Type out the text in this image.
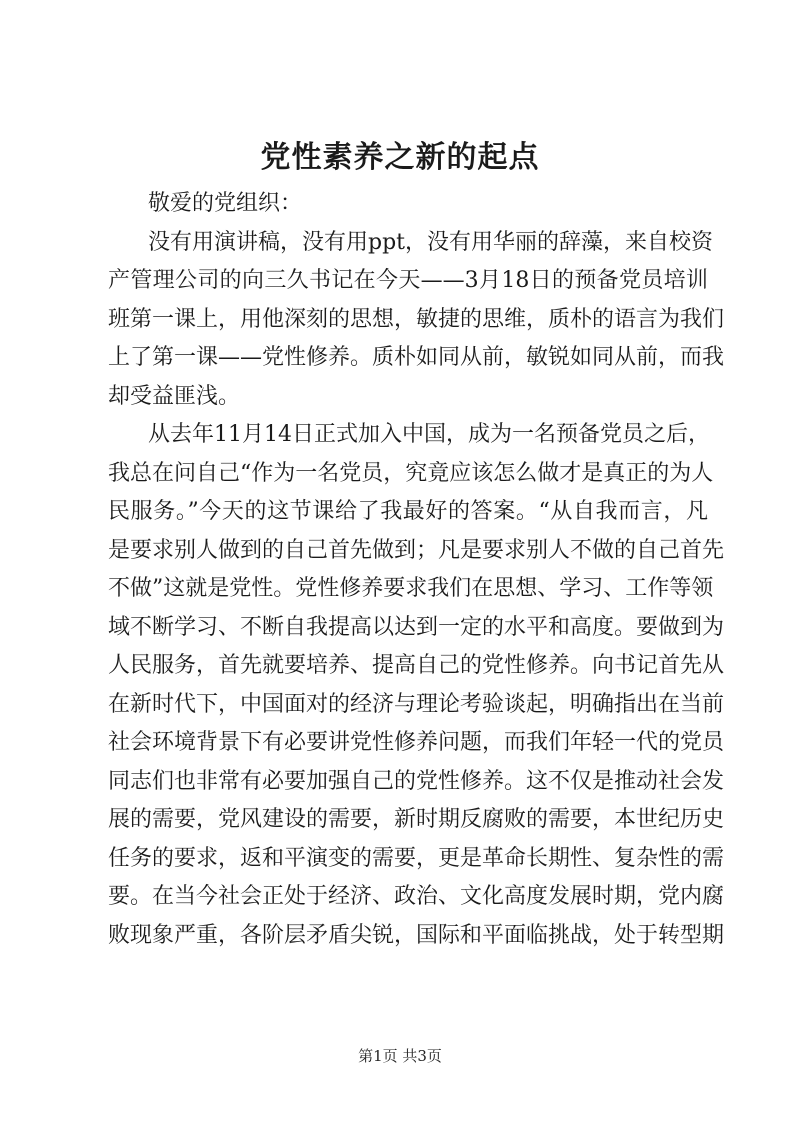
党性素养之新的起点
敬爱的党组织：
没有用演讲稿，没有用ppt，没有用华丽的辞藻，来自校资
产管理公司的向三久书记在今天——3月18日的预备党员培训
班第一课上，用他深刻的思想，敏捷的思维，质朴的语言为我们
上了第一课——党性修养。质朴如同从前，敏锐如同从前，而我
却受益匪浅。
从去年11月14日正式加入中国，成为一名预备党员之后，
我总在问自己“作为一名党员，究竟应该怎么做才是真正的为人
民服务。”今天的这节课给了我最好的答案。“从自我而言，凡
是要求别人做到的自己首先做到；凡是要求别人不做的自己首先
不做”这就是党性。党性修养要求我们在思想、学习、工作等领
域不断学习、不断自我提高以达到一定的水平和高度。要做到为
人民服务，首先就要培养、提高自己的党性修养。向书记首先从
在新时代下，中国面对的经济与理论考验谈起，明确指出在当前
社会环境背景下有必要讲党性修养问题，而我们年轻一代的党员
同志们也非常有必要加强自己的党性修养。这不仅是推动社会发
展的需要，党风建设的需要，新时期反腐败的需要，本世纪历史
任务的要求，返和平演变的需要，更是革命长期性、复杂性的需
要。在当今社会正处于经济、政治、文化高度发展时期，党内腐
败现象严重，各阶层矛盾尖锐，国际和平面临挑战，处于转型期
第1页 共3页
